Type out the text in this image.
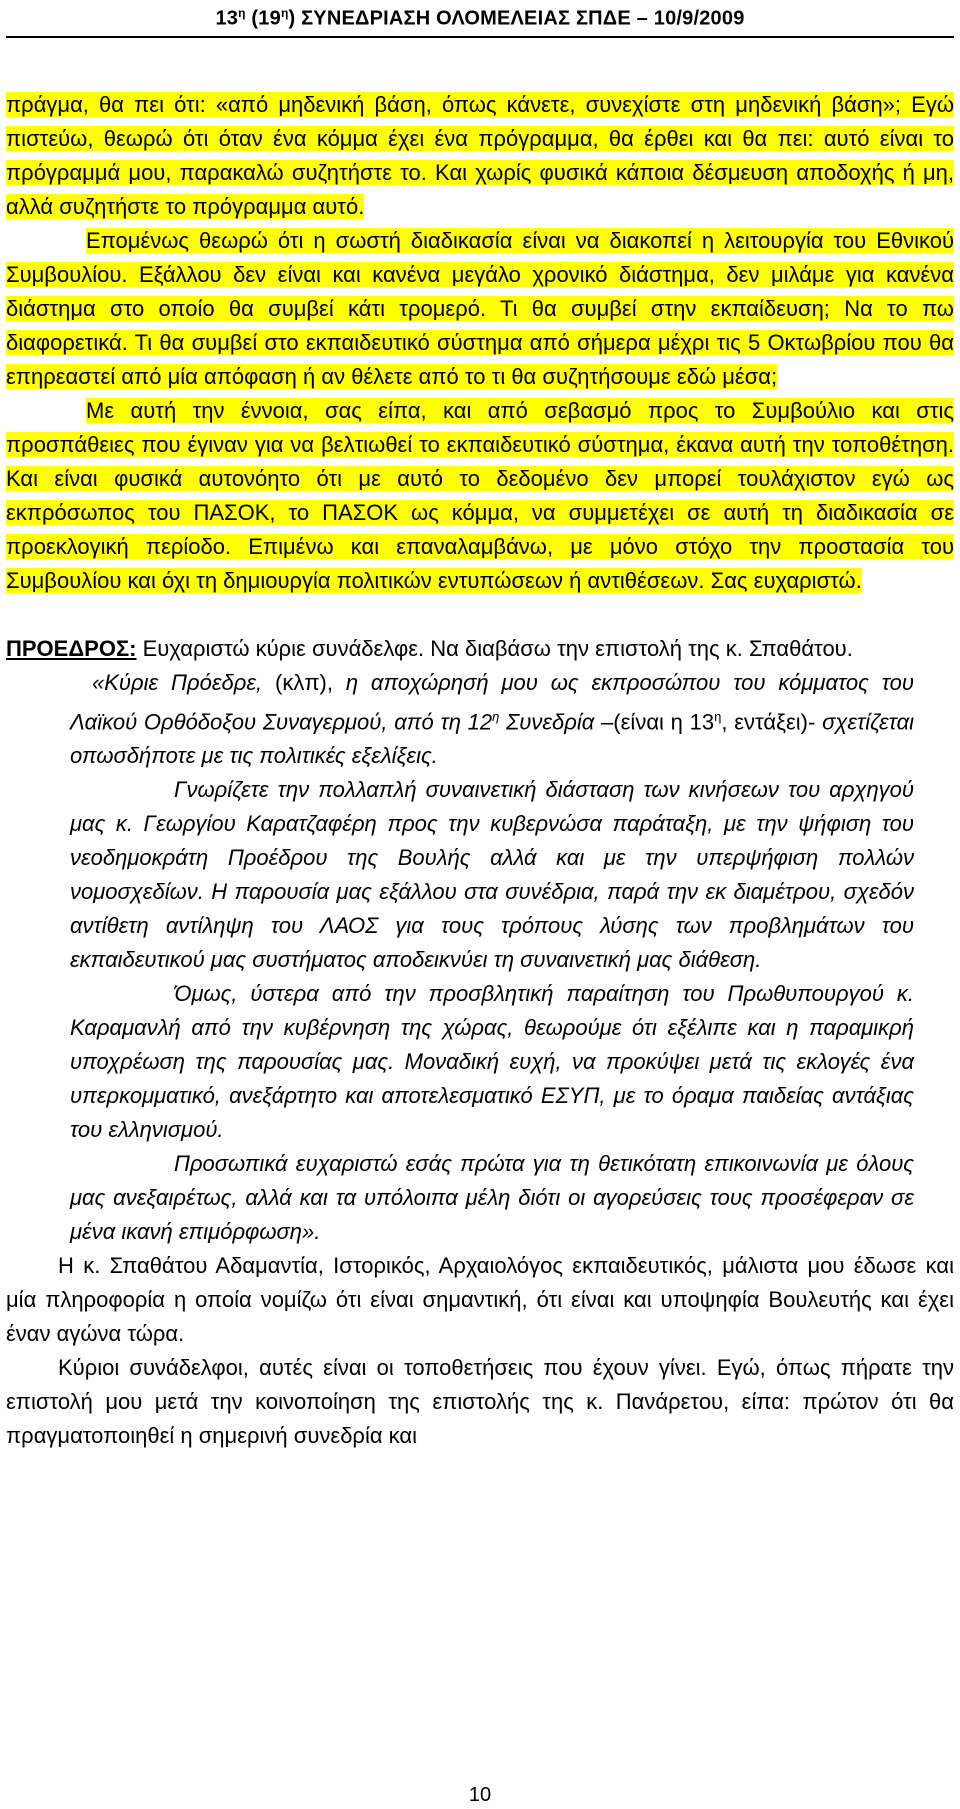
$13^\eta$ $(19^\eta)$ ΣΥΝΕΔΡΙΑΣΗ ΟΛΟΜΕΛΕΙΑΣ ΣΠΔΕ – 10/9/2009

πράγμα, θα πει ότι: «από μηδενική βάση, όπως κάνετε, συνεχίστε στη μηδενική βάση»; Εγώ πιστεύω, θεωρώ ότι όταν ένα κόμμα έχει ένα πρόγραμμα, θα έρθει και θα πει: αυτό είναι το πρόγραμμά μου, παρακαλώ συζητήστε το. Και χωρίς φυσικά κάποια δέσμευση αποδοχής ή μη, αλλά συζητήστε το πρόγραμμα αυτό.

Επομένως θεωρώ ότι η σωστή διαδικασία είναι να διακοπεί η λειτουργία του Εθνικού Συμβουλίου. Εξάλλου δεν είναι και κανένα μεγάλο χρονικό διάστημα, δεν μιλάμε για κανένα διάστημα στο οποίο θα συμβεί κάτι τρομερό. Τι θα συμβεί στην εκπαίδευση; Να το πω διαφορετικά. Τι θα συμβεί στο εκπαιδευτικό σύστημα από σήμερα μέχρι τις 5 Οκτωβρίου που θα επηρεαστεί από μία απόφαση ή αν θέλετε από το τι θα συζητήσουμε εδώ μέσα;

Με αυτή την έννοια, σας είπα, και από σεβασμό προς το Συμβούλιο και στις προσπάθειες που έγιναν για να βελτιωθεί το εκπαιδευτικό σύστημα, έκανα αυτή την τοποθέτηση. Και είναι φυσικά αυτονόητο ότι με αυτό το δεδομένο δεν μπορεί τουλάχιστον εγώ ως εκπρόσωπος του ΠΑΣΟΚ, το ΠΑΣΟΚ ως κόμμα, να συμμετέχει σε αυτή τη διαδικασία σε προεκλογική περίοδο. Επιμένω και επαναλαμβάνω, με μόνο στόχο την προστασία του Συμβουλίου και όχι τη δημιουργία πολιτικών εντυπώσεων ή αντιθέσεων. Σας ευχαριστώ.

ΠΡΟΕΔΡΟΣ: Ευχαριστώ κύριε συνάδελφε. Να διαβάσω την επιστολή της κ. Σπαθάτου.

«Κύριε Πρόεδρε, (κλπ), η αποχώρησή μου ως εκπροσώπου του κόμματος του Λαϊκού Ορθόδοξου Συναγερμού, από τη $12^\eta$ Συνεδρία –(είναι η $13^\eta$, εντάξει)- σχετίζεται οπωσδήποτε με τις πολιτικές εξελίξεις.

Γνωρίζετε την πολλαπλή συναινετική διάσταση των κινήσεων του αρχηγού μας κ. Γεωργίου Καρατζαφέρη προς την κυβερνώσα παράταξη, με την ψήφιση του νεοδημοκράτη Προέδρου της Βουλής αλλά και με την υπερψήφιση πολλών νομοσχεδίων. Η παρουσία μας εξάλλου στα συνέδρια, παρά την εκ διαμέτρου, σχεδόν αντίθετη αντίληψη του ΛΑΟΣ για τους τρόπους λύσης των προβλημάτων του εκπαιδευτικού μας συστήματος αποδεικνύει τη συναινετική μας διάθεση.

Όμως, ύστερα από την προσβλητική παραίτηση του Πρωθυπουργού κ. Καραμανλή από την κυβέρνηση της χώρας, θεωρούμε ότι εξέλιπε και η παραμικρή υποχρέωση της παρουσίας μας. Μοναδική ευχή, να προκύψει μετά τις εκλογές ένα υπερκομματικό, ανεξάρτητο και αποτελεσματικό ΕΣΥΠ, με το όραμα παιδείας αντάξιας του ελληνισμού.

Προσωπικά ευχαριστώ εσάς πρώτα για τη θετικότατη επικοινωνία με όλους μας ανεξαιρέτως, αλλά και τα υπόλοιπα μέλη διότι οι αγορεύσεις τους προσέφεραν σε μένα ικανή επιμόρφωση».

Η κ. Σπαθάτου Αδαμαντία, Ιστορικός, Αρχαιολόγος εκπαιδευτικός, μάλιστα μου έδωσε και μία πληροφορία η οποία νομίζω ότι είναι σημαντική, ότι είναι και υποψηφία Βουλευτής και έχει έναν αγώνα τώρα.

Κύριοι συνάδελφοι, αυτές είναι οι τοποθετήσεις που έχουν γίνει. Εγώ, όπως πήρατε την επιστολή μου μετά την κοινοποίηση της επιστολής της κ. Πανάρετου, είπα: πρώτον ότι θα πραγματοποιηθεί η σημερινή συνεδρία και

10
